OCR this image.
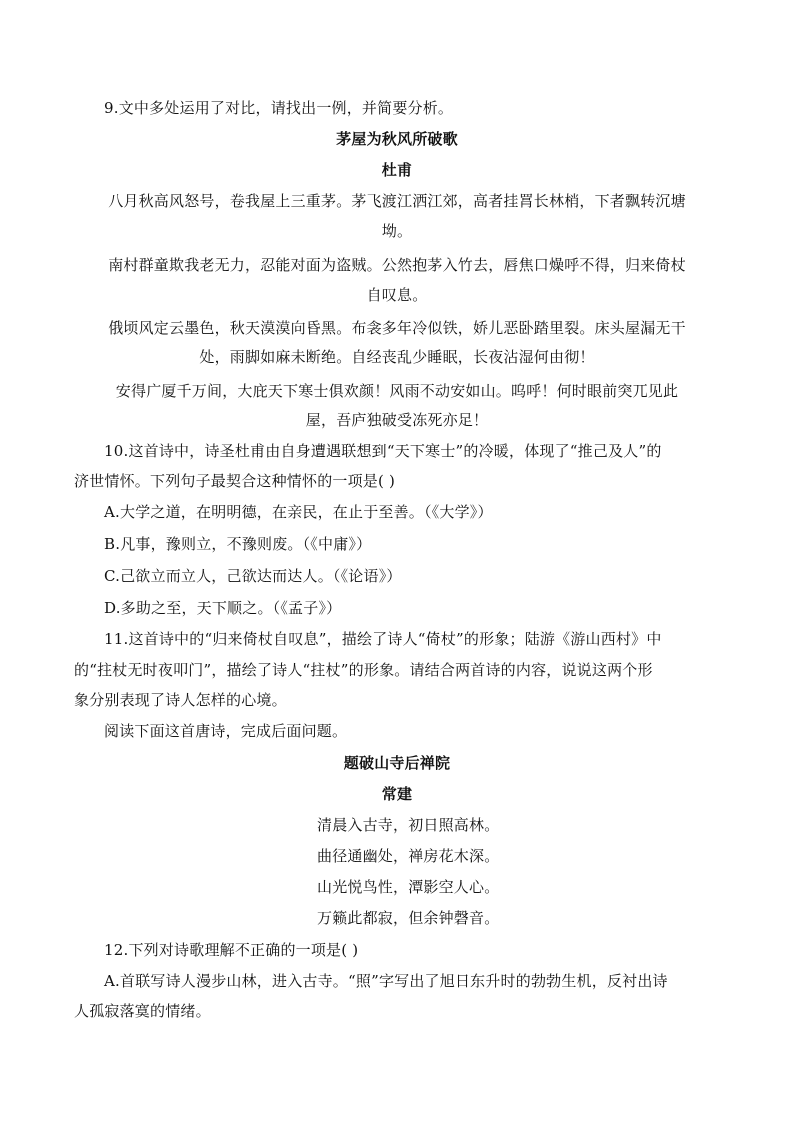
9.文中多处运用了对比，请找出一例，并简要分析。
茅屋为秋风所破歌
杜甫
八月秋高风怒号，卷我屋上三重茅。茅飞渡江洒江郊，高者挂罥长林梢，下者飘转沉塘
坳。
南村群童欺我老无力，忍能对面为盗贼。公然抱茅入竹去，唇焦口燥呼不得，归来倚杖
自叹息。
俄顷风定云墨色，秋天漠漠向昏黑。布衾多年冷似铁，娇儿恶卧踏里裂。床头屋漏无干
处，雨脚如麻未断绝。自经丧乱少睡眠，长夜沾湿何由彻！
安得广厦千万间，大庇天下寒士俱欢颜！风雨不动安如山。呜呼！何时眼前突兀见此
屋，吾庐独破受冻死亦足！
10.这首诗中，诗圣杜甫由自身遭遇联想到“天下寒士”的冷暖，体现了“推己及人”的
济世情怀。下列句子最契合这种情怀的一项是( )
A.大学之道，在明明德，在亲民，在止于至善。（《大学》）
B.凡事，豫则立，不豫则废。（《中庸》）
C.己欲立而立人，己欲达而达人。（《论语》）
D.多助之至，天下顺之。（《孟子》）
11.这首诗中的“归来倚杖自叹息”，描绘了诗人“倚杖”的形象；陆游《游山西村》中
的“拄杖无时夜叩门”，描绘了诗人“拄杖”的形象。请结合两首诗的内容，说说这两个形
象分别表现了诗人怎样的心境。
阅读下面这首唐诗，完成后面问题。
题破山寺后禅院
常建
清晨入古寺，初日照高林。
曲径通幽处，禅房花木深。
山光悦鸟性，潭影空人心。
万籁此都寂，但余钟磬音。
12.下列对诗歌理解不正确的一项是( )
A.首联写诗人漫步山林，进入古寺。“照”字写出了旭日东升时的勃勃生机，反衬出诗
人孤寂落寞的情绪。
